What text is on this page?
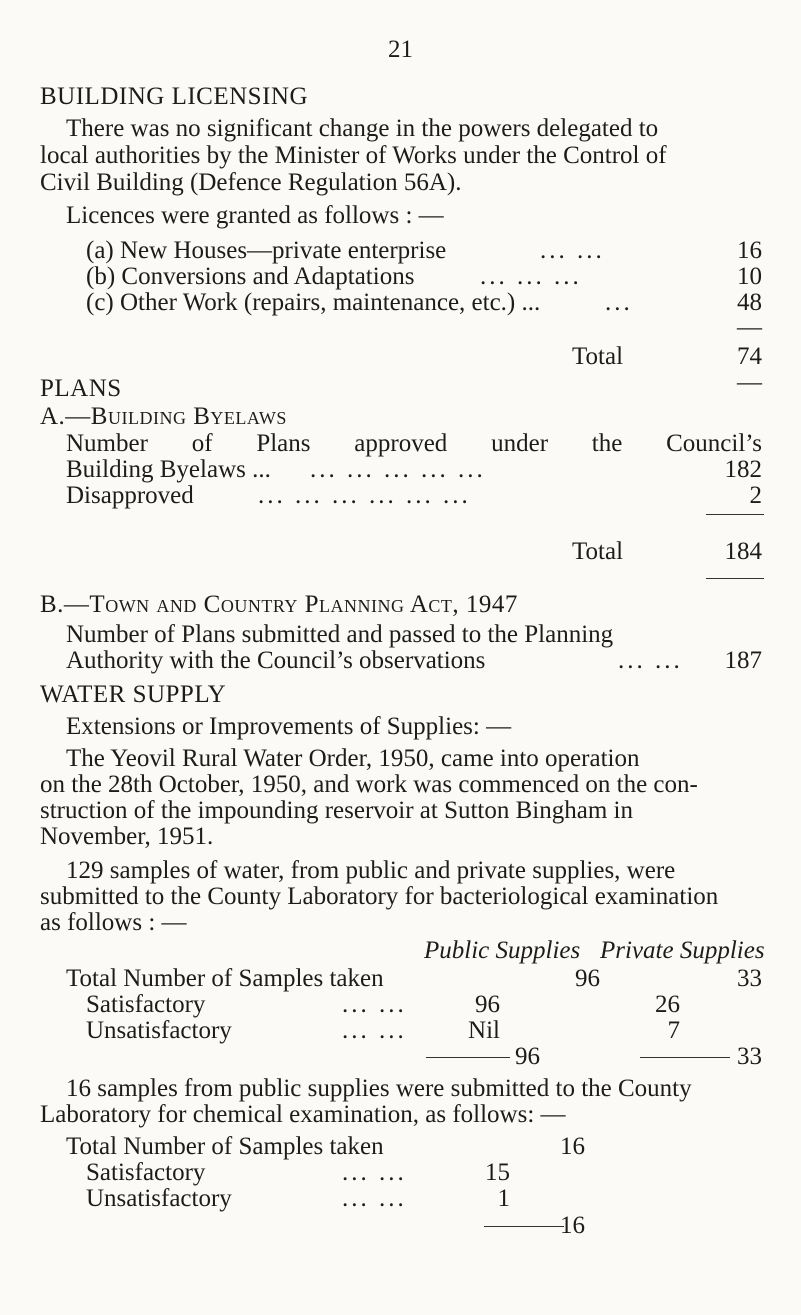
21
BUILDING LICENSING
There was no significant change in the powers delegated to
local authorities by the Minister of Works under the Control of
Civil Building (Defence Regulation 56A).
Licences were granted as follows : —
(a) New Houses—private enterprise	... ...	16
(b) Conversions and Adaptations	... ... ...	10
(c) Other Work (repairs, maintenance, etc.) ...	...	48
—
Total	74
—
PLANS
A.—Building Byelaws
Number of Plans approved under the Council’s
Building Byelaws ... ... ... ... ... ...	182
Disapproved	... ... ... ... ... ...	2
Total	184
B.—Town and Country Planning Act, 1947
Number of Plans submitted and passed to the Planning
Authority with the Council’s observations	... ...	187
WATER SUPPLY
Extensions or Improvements of Supplies: —
The Yeovil Rural Water Order, 1950, came into operation
on the 28th October, 1950, and work was commenced on the con-
struction of the impounding reservoir at Sutton Bingham in
November, 1951.
129 samples of water, from public and private supplies, were
submitted to the County Laboratory for bacteriological examination
as follows : —
Public Supplies Private Supplies
Total Number of Samples taken	96	33
Satisfactory	... ...	96	26
Unsatisfactory	... ...	Nil	7
96	33
16 samples from public supplies were submitted to the County
Laboratory for chemical examination, as follows: —
Total Number of Samples taken	16
Satisfactory	... ...	15
Unsatisfactory	... ...	1
16
